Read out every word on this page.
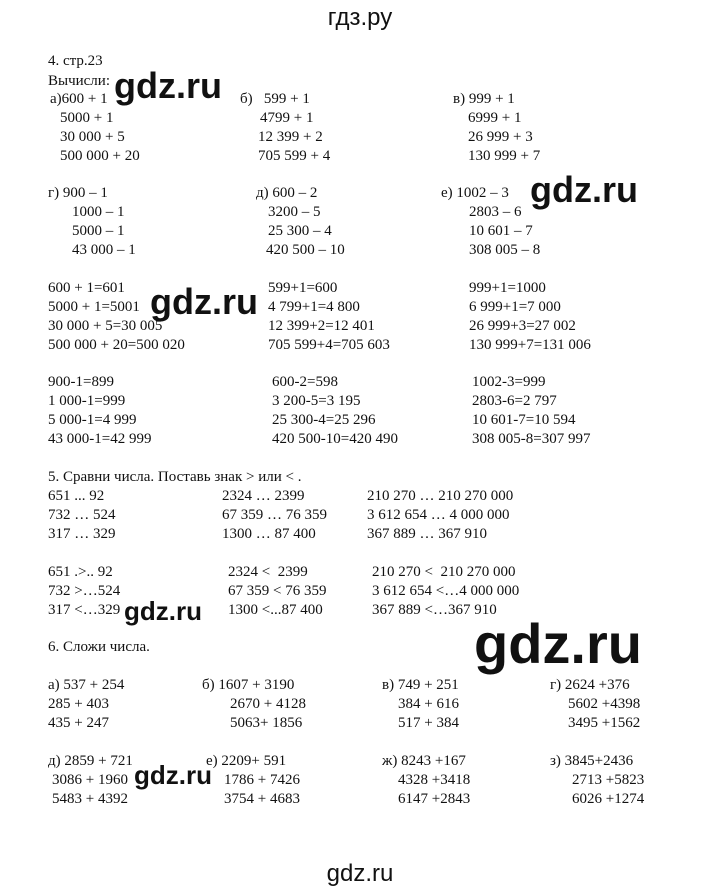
гдз.ру
4. стр.23
Вычисли:
а)600 + 1
5000 + 1
30 000 + 5
500 000 + 20
б)   599 + 1
4799 + 1
12 399 + 2
705 599 + 4
в) 999 + 1
6999 + 1
26 999 + 3
130 999 + 7
г) 900 – 1
1000 – 1
5000 – 1
43 000 – 1
д) 600 – 2
3200 – 5
25 300 – 4
420 500 – 10
е) 1002 – 3
2803 – 6
10 601 – 7
308 005 – 8
600 + 1=601
5000 + 1=5001
30 000 + 5=30 005
500 000 + 20=500 020
599+1=600
4 799+1=4 800
12 399+2=12 401
705 599+4=705 603
999+1=1000
6 999+1=7 000
26 999+3=27 002
130 999+7=131 006
900-1=899
1 000-1=999
5 000-1=4 999
43 000-1=42 999
600-2=598
3 200-5=3 195
25 300-4=25 296
420 500-10=420 490
1002-3=999
2803-6=2 797
10 601-7=10 594
308 005-8=307 997
5. Сравни числа. Поставь знак > или < .
651 ... 92
732 … 524
317 … 329
2324 … 2399
67 359 … 76 359
1300 … 87 400
210 270 … 210 270 000
3 612 654 … 4 000 000
367 889 … 367 910
651 .>.. 92
732 >…524
317 <…329
2324 <  2399
67 359 < 76 359
1300 <...87 400
210 270 <  210 270 000
3 612 654 <…4 000 000
367 889 <…367 910
6. Сложи числа.
а) 537 + 254
285 + 403
435 + 247
б) 1607 + 3190
2670 + 4128
5063+ 1856
в) 749 + 251
384 + 616
517 + 384
г) 2624 +376
5602 +4398
3495 +1562
д) 2859 + 721
3086 + 1960
5483 + 4392
е) 2209+ 591
1786 + 7426
3754 + 4683
ж) 8243 +167
4328 +3418
6147 +2843
з) 3845+2436
2713 +5823
6026 +1274
gdz.ru
gdz.ru
gdz.ru
gdz.ru
gdz.ru
gdz.ru
gdz.ru
